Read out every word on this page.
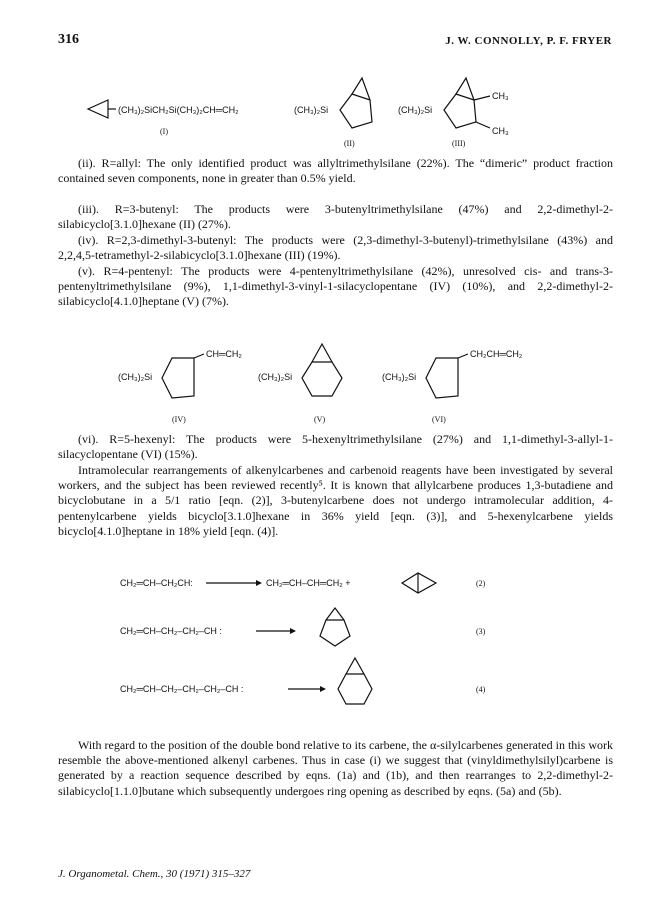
316	J. W. CONNOLLY, P. F. FRYER
(CH₃)₂SiCH₂Si(CH₃)₂CH═CH₂
(I)
(CH₃)₂Si
(II)
(CH₃)₂Si
CH₃
CH₃
(III)

(ii). R=allyl: The only identified product was allyltrimethylsilane (22%). The “dimeric” product fraction contained seven components, none in greater than 0.5% yield.

(iii). R=3-butenyl: The products were 3-butenyltrimethylsilane (47%) and 2,2-dimethyl-2-silabicyclo[3.1.0]hexane (II) (27%).

(iv). R=2,3-dimethyl-3-butenyl: The products were (2,3-dimethyl-3-butenyl)-trimethylsilane (43%) and 2,2,4,5-tetramethyl-2-silabicyclo[3.1.0]hexane (III) (19%).

(v). R=4-pentenyl: The products were 4-pentenyltrimethylsilane (42%), unresolved cis- and trans-3-pentenyltrimethylsilane (9%), 1,1-dimethyl-3-vinyl-1-silacyclopentane (IV) (10%), and 2,2-dimethyl-2-silabicyclo[4.1.0]heptane (V) (7%).

(CH₃)₂Si
CH═CH₂
(IV)
(CH₃)₂Si
(V)
(CH₃)₂Si
CH₂CH═CH₂
(VI)

(vi). R=5-hexenyl: The products were 5-hexenyltrimethylsilane (27%) and 1,1-dimethyl-3-allyl-1-silacyclopentane (VI) (15%).

Intramolecular rearrangements of alkenylcarbenes and carbenoid reagents have been investigated by several workers, and the subject has been reviewed recently⁵. It is known that allylcarbene produces 1,3-butadiene and bicyclobutane in a 5/1 ratio [eqn. (2)], 3-butenylcarbene does not undergo intramolecular addition, 4-pentenylcarbene yields bicyclo[3.1.0]hexane in 36% yield [eqn. (3)], and 5-hexenylcarbene yields bicyclo[4.1.0]heptane in 18% yield [eqn. (4)].

CH₂═CH–CH₂CH:	CH₂═CH–CH═CH₂ +	(2)
CH₂═CH–CH₂–CH₂–CH :	(3)
CH₂═CH–CH₂–CH₂–CH₂–CH :	(4)

With regard to the position of the double bond relative to its carbene, the α-silylcarbenes generated in this work resemble the above-mentioned alkenyl carbenes. Thus in case (i) we suggest that (vinyldimethylsilyl)carbene is generated by a reaction sequence described by eqns. (1a) and (1b), and then rearranges to 2,2-dimethyl-2-silabicyclo[1.1.0]butane which subsequently undergoes ring opening as described by eqns. (5a) and (5b).

J. Organometal. Chem., 30 (1971) 315–327
